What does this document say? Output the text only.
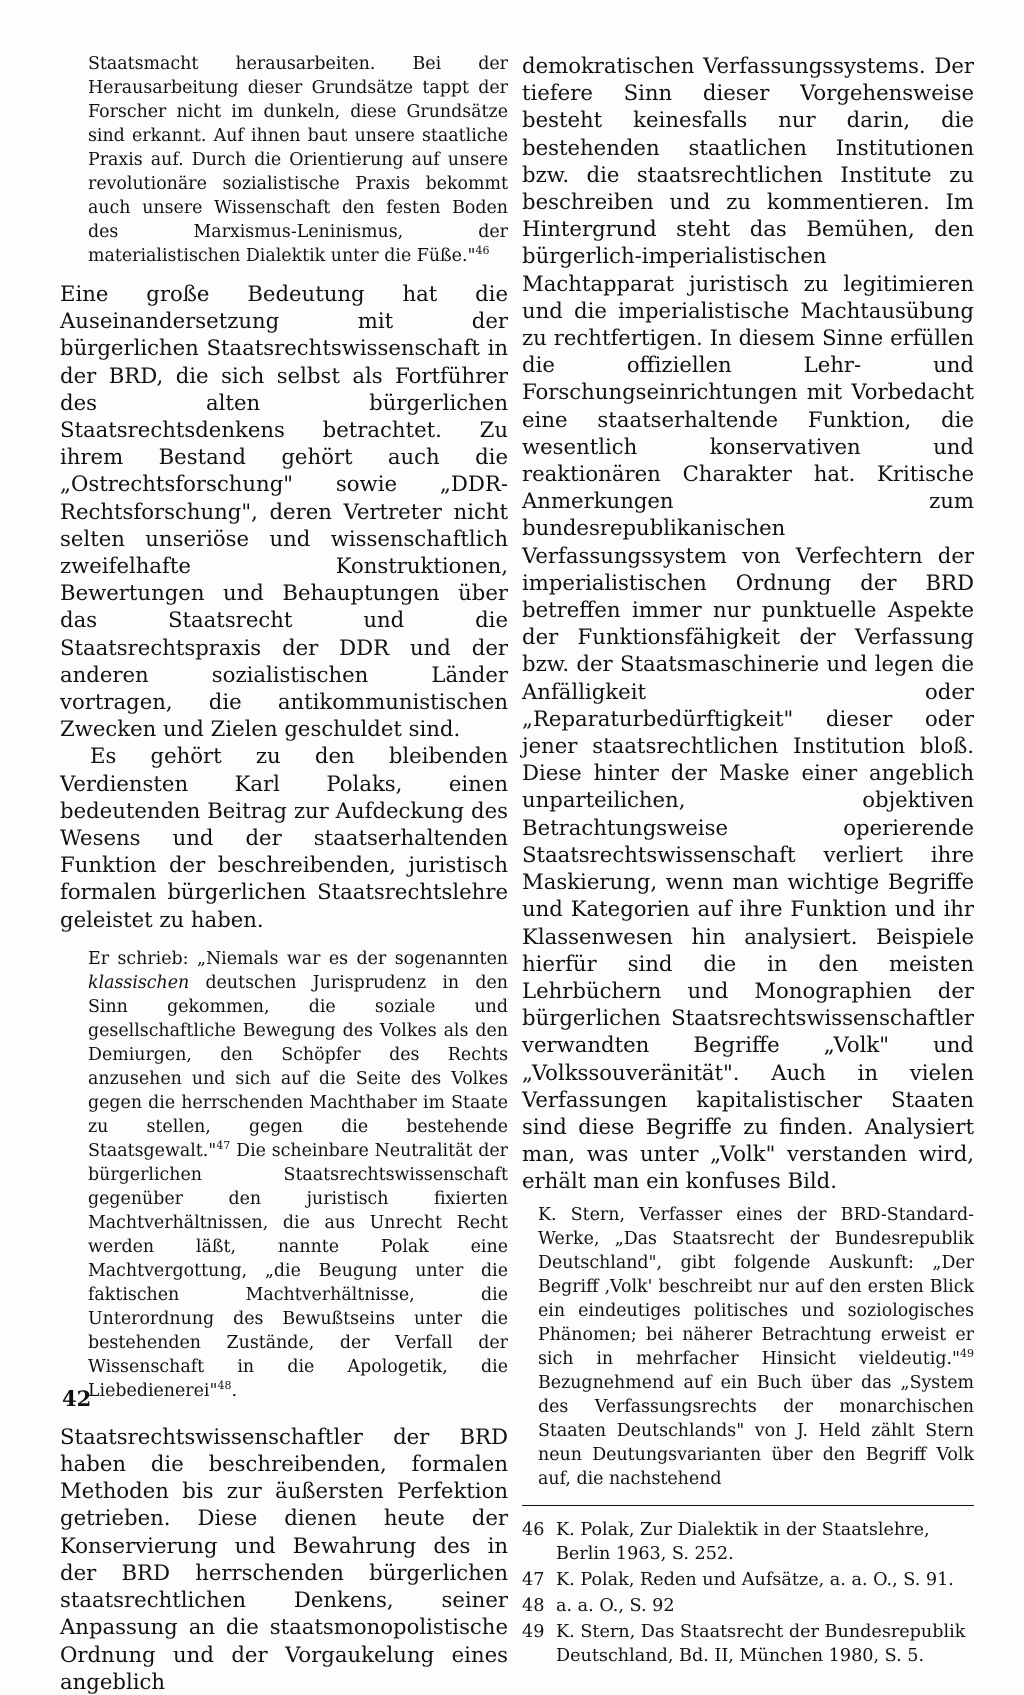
Staatsmacht herausarbeiten. Bei der Herausarbeitung dieser Grundsätze tappt der Forscher nicht im dunkeln, diese Grundsätze sind erkannt. Auf ihnen baut unsere staatliche Praxis auf. Durch die Orientierung auf unsere revolutionäre sozialistische Praxis bekommt auch unsere Wissenschaft den festen Boden des Marxismus-Leninismus, der materialistischen Dialektik unter die Füße."$^{46}$

Eine große Bedeutung hat die Auseinandersetzung mit der bürgerlichen Staatsrechtswissenschaft in der BRD, die sich selbst als Fortführer des alten bürgerlichen Staatsrechtsdenkens betrachtet. Zu ihrem Bestand gehört auch die „Ostrechtsforschung" sowie „DDR-Rechtsforschung", deren Vertreter nicht selten unseriöse und wissenschaftlich zweifelhafte Konstruktionen, Bewertungen und Behauptungen über das Staatsrecht und die Staatsrechtspraxis der DDR und der anderen sozialistischen Länder vortragen, die antikommunistischen Zwecken und Zielen geschuldet sind.

Es gehört zu den bleibenden Verdiensten Karl Polaks, einen bedeutenden Beitrag zur Aufdeckung des Wesens und der staatserhaltenden Funktion der beschreibenden, juristisch formalen bürgerlichen Staatsrechtslehre geleistet zu haben.

Er schrieb: „Niemals war es der sogenannten klassischen deutschen Jurisprudenz in den Sinn gekommen, die soziale und gesellschaftliche Bewegung des Volkes als den Demiurgen, den Schöpfer des Rechts anzusehen und sich auf die Seite des Volkes gegen die herrschenden Machthaber im Staate zu stellen, gegen die bestehende Staatsgewalt."$^{47}$ Die scheinbare Neutralität der bürgerlichen Staatsrechtswissenschaft gegenüber den juristisch fixierten Machtverhältnissen, die aus Unrecht Recht werden läßt, nannte Polak eine Machtvergottung, „die Beugung unter die faktischen Machtverhältnisse, die Unterordnung des Bewußtseins unter die bestehenden Zustände, der Verfall der Wissenschaft in die Apologetik, die Liebedienerei"$^{48}$.

Staatsrechtswissenschaftler der BRD haben die beschreibenden, formalen Methoden bis zur äußersten Perfektion getrieben. Diese dienen heute der Konservierung und Bewahrung des in der BRD herrschenden bürgerlichen staatsrechtlichen Denkens, seiner Anpassung an die staatsmonopolistische Ordnung und der Vorgaukelung eines angeblich

demokratischen Verfassungssystems. Der tiefere Sinn dieser Vorgehensweise besteht keinesfalls nur darin, die bestehenden staatlichen Institutionen bzw. die staatsrechtlichen Institute zu beschreiben und zu kommentieren. Im Hintergrund steht das Bemühen, den bürgerlich-imperialistischen Machtapparat juristisch zu legitimieren und die imperialistische Machtausübung zu rechtfertigen. In diesem Sinne erfüllen die offiziellen Lehr- und Forschungseinrichtungen mit Vorbedacht eine staatserhaltende Funktion, die wesentlich konservativen und reaktionären Charakter hat. Kritische Anmerkungen zum bundesrepublikanischen Verfassungssystem von Verfechtern der imperialistischen Ordnung der BRD betreffen immer nur punktuelle Aspekte der Funktionsfähigkeit der Verfassung bzw. der Staatsmaschinerie und legen die Anfälligkeit oder „Reparaturbedürftigkeit" dieser oder jener staatsrechtlichen Institution bloß. Diese hinter der Maske einer angeblich unparteilichen, objektiven Betrachtungsweise operierende Staatsrechtswissenschaft verliert ihre Maskierung, wenn man wichtige Begriffe und Kategorien auf ihre Funktion und ihr Klassenwesen hin analysiert. Beispiele hierfür sind die in den meisten Lehrbüchern und Monographien der bürgerlichen Staatsrechtswissenschaftler verwandten Begriffe „Volk" und „Volkssouveränität". Auch in vielen Verfassungen kapitalistischer Staaten sind diese Begriffe zu finden. Analysiert man, was unter „Volk" verstanden wird, erhält man ein konfuses Bild.

K. Stern, Verfasser eines der BRD-Standard-Werke, „Das Staatsrecht der Bundesrepublik Deutschland", gibt folgende Auskunft: „Der Begriff ‚Volk' beschreibt nur auf den ersten Blick ein eindeutiges politisches und soziologisches Phänomen; bei näherer Betrachtung erweist er sich in mehrfacher Hinsicht vieldeutig."$^{49}$ Bezugnehmend auf ein Buch über das „System des Verfassungsrechts der monarchischen Staaten Deutschlands" von J. Held zählt Stern neun Deutungsvarianten über den Begriff Volk auf, die nachstehend

46 K. Polak, Zur Dialektik in der Staatslehre, Berlin 1963, S. 252.
47 K. Polak, Reden und Aufsätze, a. a. O., S. 91.
48 a. a. O., S. 92
49 K. Stern, Das Staatsrecht der Bundesrepublik Deutschland, Bd. II, München 1980, S. 5.
42
